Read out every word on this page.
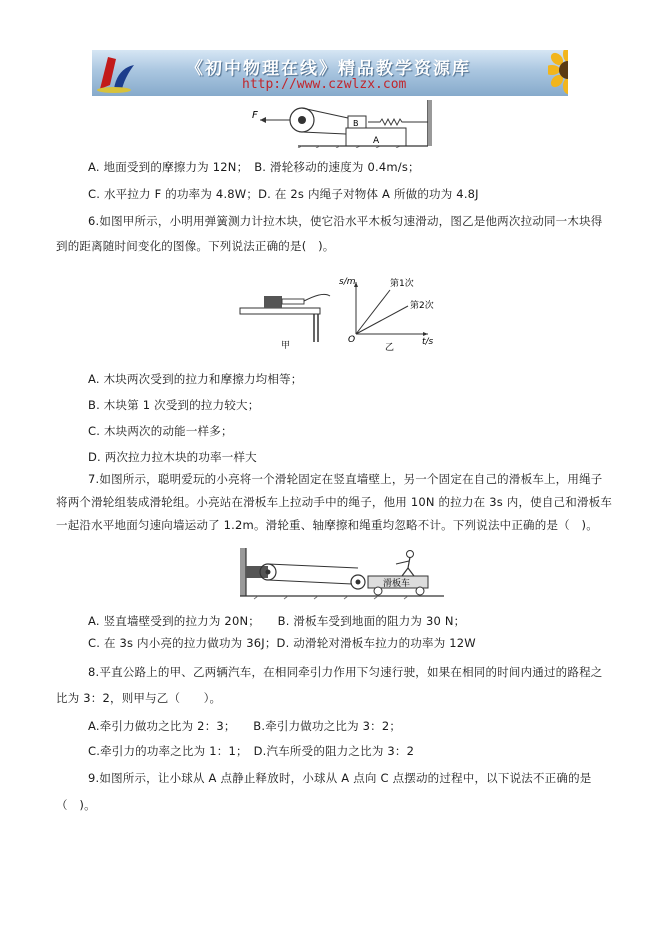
《初中物理在线》精品教学资源库
http://www.czwlzx.com
A
B
F
A. 地面受到的摩擦力为 12N；　B. 滑轮移动的速度为 0.4m/s；
C. 水平拉力 F 的功率为 4.8W；D. 在 2s 内绳子对物体 A 所做的功为 4.8J
6.如图甲所示，小明用弹簧测力计拉木块，使它沿水平木板匀速滑动，图乙是他两次拉动同一木块得
到的距离随时间变化的图像。下列说法正确的是(　)。
甲
s/m
t/s
O
第1次
第2次
乙
A. 木块两次受到的拉力和摩擦力均相等；
B. 木块第 1 次受到的拉力较大；
C. 木块两次的动能一样多；
D. 两次拉力拉木块的功率一样大
7.如图所示，聪明爱玩的小亮将一个滑轮固定在竖直墙壁上，另一个固定在自己的滑板车上，用绳子
将两个滑轮组装成滑轮组。小亮站在滑板车上拉动手中的绳子，他用 10N 的拉力在 3s 内，使自己和滑板车
一起沿水平地面匀速向墙运动了 1.2m。滑轮重、轴摩擦和绳重均忽略不计。下列说法中正确的是（　)。
滑板车
A. 竖直墙壁受到的拉力为 20N；　　B. 滑板车受到地面的阻力为 30 N；
C. 在 3s 内小亮的拉力做功为 36J；D. 动滑轮对滑板车拉力的功率为 12W
8.平直公路上的甲、乙两辆汽车，在相同牵引力作用下匀速行驶，如果在相同的时间内通过的路程之
比为 3：2，则甲与乙（　　）。
A.牵引力做功之比为 2：3；　　B.牵引力做功之比为 3：2；
C.牵引力的功率之比为 1：1；　D.汽车所受的阻力之比为 3：2
9.如图所示，让小球从 A 点静止释放时，小球从 A 点向 C 点摆动的过程中，以下说法不正确的是
（　)。
